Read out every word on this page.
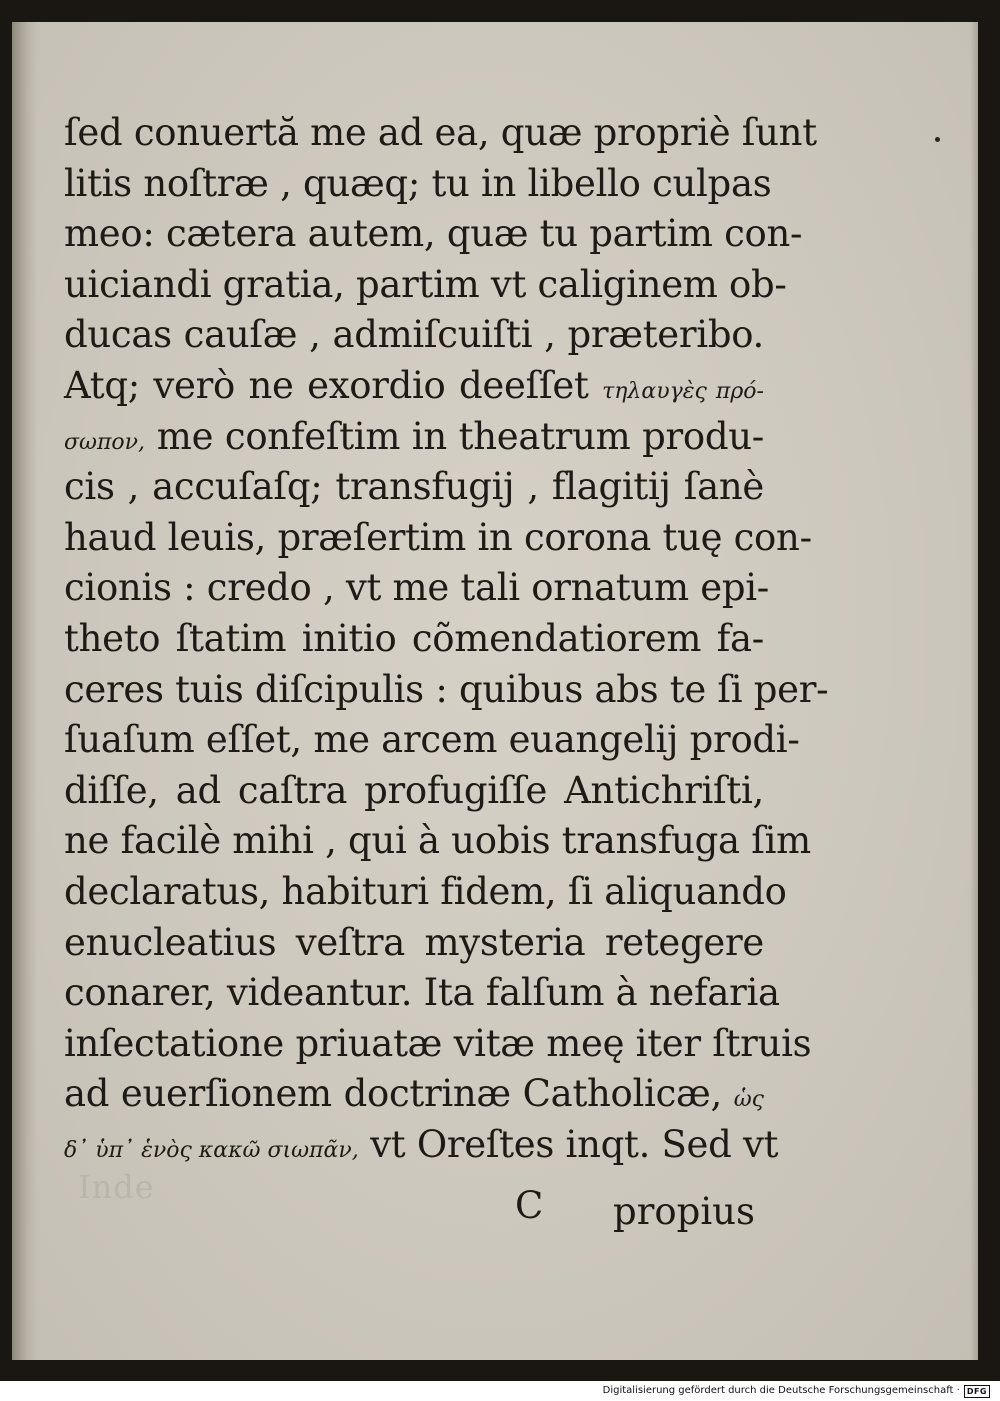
Inde
ſed conuertă me ad ea, quæ propriè ſunt
litis noſtræ , quæq; tu in libello culpas
meo: cætera autem, quæ tu partim con-
uiciandi gratia, partim vt caliginem ob-
ducas cauſæ , admiſcuiſti , præteribo.
Atq; verò ne exordio deeſſet τηλαυγὲς πρό-
σωπον, me confeſtim in theatrum produ-
cis , accuſaſq; transfugij , flagitij ſanè
haud leuis, præſertim in corona tuę con-
cionis : credo , vt me tali ornatum epi-
theto ſtatim initio cõmendatiorem fa-
ceres tuis diſcipulis : quibus abs te ſi per-
ſuaſum eſſet, me arcem euangelij prodi-
diſſe, ad caſtra profugiſſe Antichriſti,
ne facilè mihi , qui à uobis transfuga ſim
declaratus, habituri fidem, ſi aliquando
enucleatius veſtra mysteria retegere
conarer, videantur. Ita falſum à nefaria
inſectatione priuatæ vitæ meę iter ſtruis
ad euerſionem doctrinæ Catholicæ, ὡς
δ᾽ ὑπ᾽ ἑνὸς κακῶ σιωπᾶν, vt Oreſtes inqt. Sed vt
C propius
Digitalisierung gefördert durch die Deutsche Forschungsgemeinschaft · DFG
